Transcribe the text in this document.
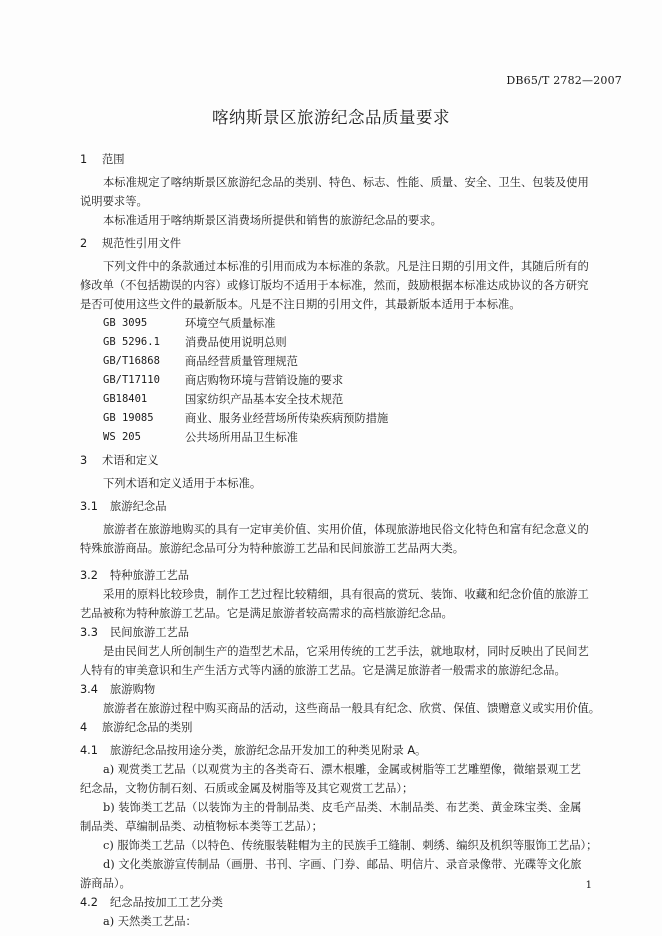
DB65/T 2782—2007
喀纳斯景区旅游纪念品质量要求
1 范围
本标准规定了喀纳斯景区旅游纪念品的类别、特色、标志、性能、质量、安全、卫生、包装及使用
说明要求等。
本标准适用于喀纳斯景区消费场所提供和销售的旅游纪念品的要求。
2 规范性引用文件
下列文件中的条款通过本标准的引用而成为本标准的条款。凡是注日期的引用文件，其随后所有的
修改单（不包括勘误的内容）或修订版均不适用于本标准，然而，鼓励根据本标准达成协议的各方研究
是否可使用这些文件的最新版本。凡是不注日期的引用文件，其最新版本适用于本标准。
GB 3095	环境空气质量标准
GB 5296.1	消费品使用说明总则
GB/T16868	商品经营质量管理规范
GB/T17110	商店购物环境与营销设施的要求
GB18401	国家纺织产品基本安全技术规范
GB 19085	商业、服务业经营场所传染疾病预防措施
WS 205	公共场所用品卫生标准
3 术语和定义
下列术语和定义适用于本标准。
3.1 旅游纪念品
旅游者在旅游地购买的具有一定审美价值、实用价值，体现旅游地民俗文化特色和富有纪念意义的
特殊旅游商品。旅游纪念品可分为特种旅游工艺品和民间旅游工艺品两大类。
3.2 特种旅游工艺品
采用的原料比较珍贵，制作工艺过程比较精细，具有很高的赏玩、装饰、收藏和纪念价值的旅游工
艺品被称为特种旅游工艺品。它是满足旅游者较高需求的高档旅游纪念品。
3.3 民间旅游工艺品
是由民间艺人所创制生产的造型艺术品，它采用传统的工艺手法，就地取材，同时反映出了民间艺
人特有的审美意识和生产生活方式等内涵的旅游工艺品。它是满足旅游者一般需求的旅游纪念品。
3.4 旅游购物
旅游者在旅游过程中购买商品的活动，这些商品一般具有纪念、欣赏、保值、馈赠意义或实用价值。
4 旅游纪念品的类别
4.1 旅游纪念品按用途分类，旅游纪念品开发加工的种类见附录 A。
a) 观赏类工艺品（以观赏为主的各类奇石、漂木根雕，金属或树脂等工艺雕塑像，微缩景观工艺
纪念品，文物仿制石刻、石质或金属及树脂等及其它观赏工艺品）；
b) 装饰类工艺品（以装饰为主的骨制品类、皮毛产品类、木制品类、布艺类、黄金珠宝类、金属
制品类、草编制品类、动植物标本类等工艺品）；
c) 服饰类工艺品（以特色、传统服装鞋帽为主的民族手工缝制、刺绣、编织及机织等服饰工艺品）；
d) 文化类旅游宣传制品（画册、书刊、字画、门券、邮品、明信片、录音录像带、光碟等文化旅
游商品）。
4.2 纪念品按加工工艺分类
a) 天然类工艺品：
1
